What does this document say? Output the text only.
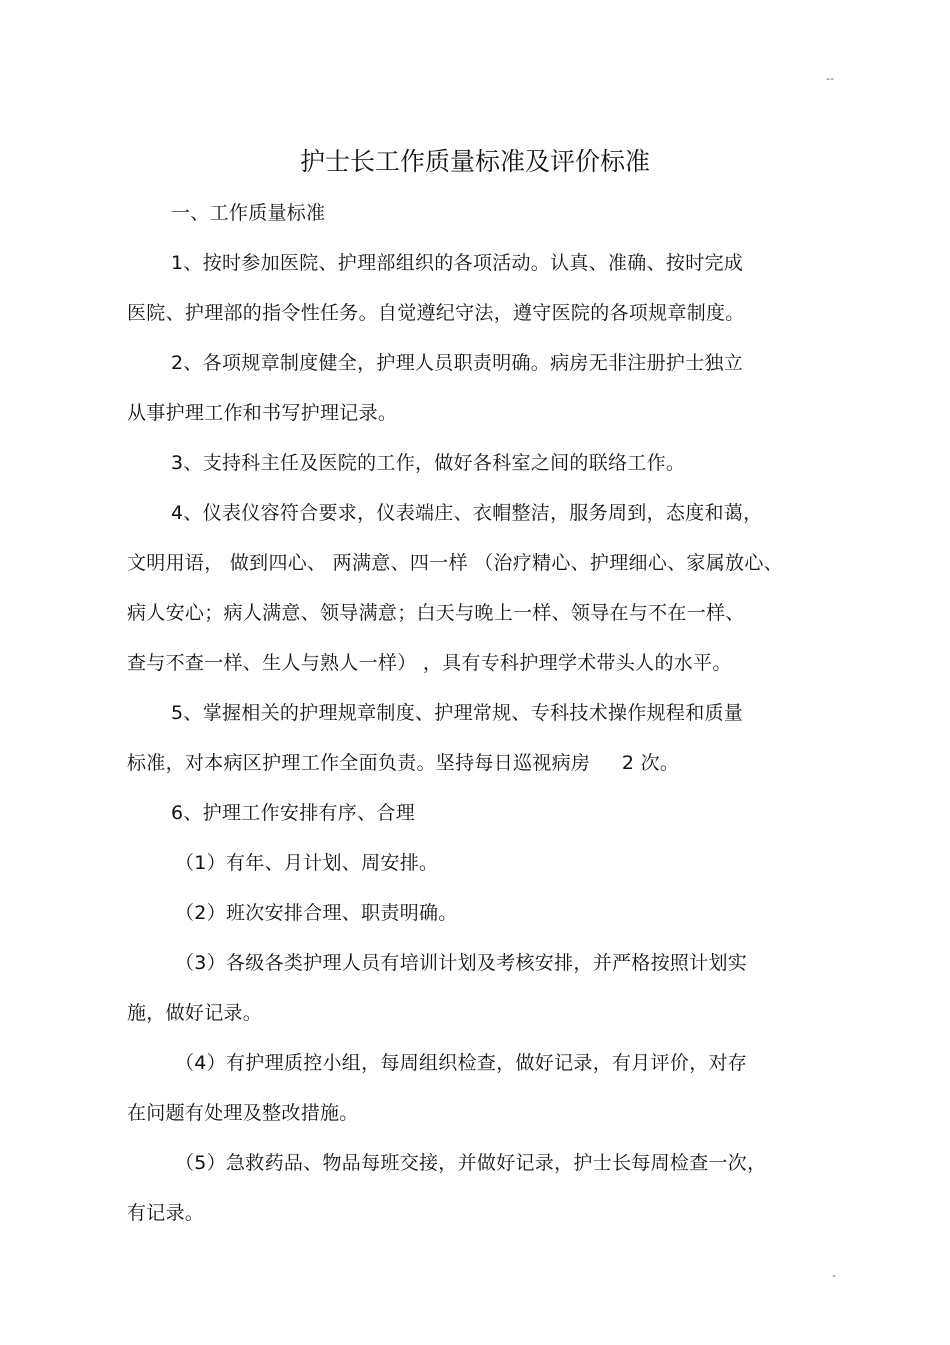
--
护士长工作质量标准及评价标准
一、工作质量标准
1、按时参加医院、护理部组织的各项活动。认真、准确、按时完成
医院、护理部的指令性任务。自觉遵纪守法，遵守医院的各项规章制度。
2、各项规章制度健全，护理人员职责明确。病房无非注册护士独立
从事护理工作和书写护理记录。
3、支持科主任及医院的工作，做好各科室之间的联络工作。
4、仪表仪容符合要求，仪表端庄、衣帽整洁，服务周到，态度和蔼，
文明用语， 做到四心、 两满意、四一样 （治疗精心、护理细心、家属放心、
病人安心；病人满意、领导满意；白天与晚上一样、领导在与不在一样、
查与不查一样、生人与熟人一样） ，具有专科护理学术带头人的水平。
5、掌握相关的护理规章制度、护理常规、专科技术操作规程和质量
标准，对本病区护理工作全面负责。坚持每日巡视病房     2 次。
6、护理工作安排有序、合理
（1）有年、月计划、周安排。
（2）班次安排合理、职责明确。
（3）各级各类护理人员有培训计划及考核安排，并严格按照计划实
施，做好记录。
（4）有护理质控小组，每周组织检查，做好记录，有月评价，对存
在问题有处理及整改措施。
（5）急救药品、物品每班交接，并做好记录，护士长每周检查一次，
有记录。
-
